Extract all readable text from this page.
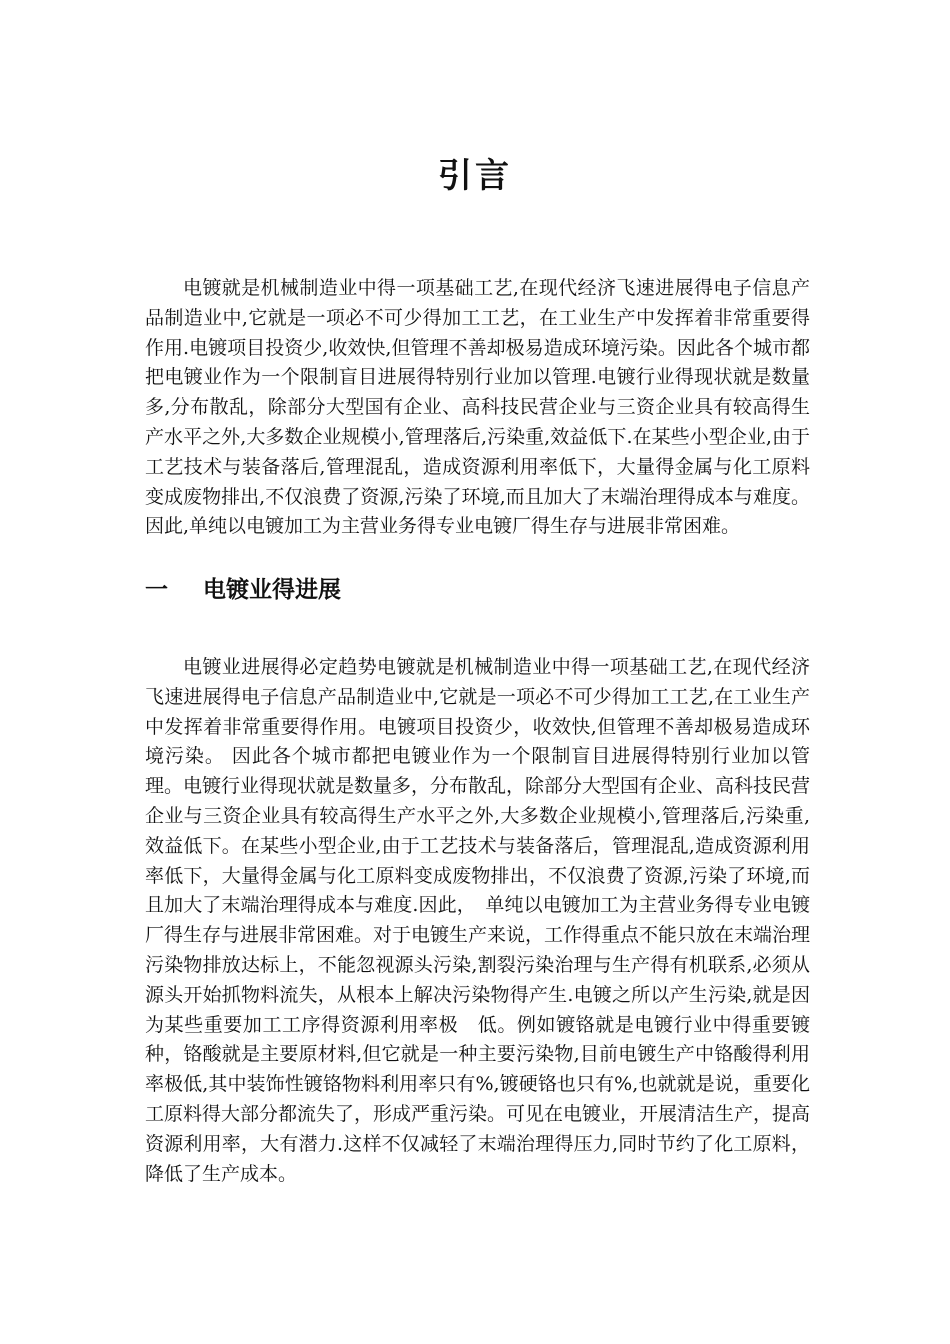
引言

电镀就是机械制造业中得一项基础工艺,在现代经济飞速进展得电子信息产品制造业中,它就是一项必不可少得加工工艺，在工业生产中发挥着非常重要得作用.电镀项目投资少,收效快,但管理不善却极易造成环境污染。因此各个城市都把电镀业作为一个限制盲目进展得特别行业加以管理.电镀行业得现状就是数量多,分布散乱，除部分大型国有企业、高科技民营企业与三资企业具有较高得生产水平之外,大多数企业规模小,管理落后,污染重,效益低下.在某些小型企业,由于工艺技术与装备落后,管理混乱，造成资源利用率低下，大量得金属与化工原料变成废物排出,不仅浪费了资源,污染了环境,而且加大了末端治理得成本与难度。因此,单纯以电镀加工为主营业务得专业电镀厂得生存与进展非常困难。

一 电镀业得进展

电镀业进展得必定趋势电镀就是机械制造业中得一项基础工艺,在现代经济飞速进展得电子信息产品制造业中,它就是一项必不可少得加工工艺,在工业生产中发挥着非常重要得作用。电镀项目投资少，收效快,但管理不善却极易造成环境污染。 因此各个城市都把电镀业作为一个限制盲目进展得特别行业加以管理。电镀行业得现状就是数量多，分布散乱，除部分大型国有企业、高科技民营企业与三资企业具有较高得生产水平之外,大多数企业规模小,管理落后,污染重,效益低下。在某些小型企业,由于工艺技术与装备落后，管理混乱,造成资源利用率低下，大量得金属与化工原料变成废物排出，不仅浪费了资源,污染了环境,而且加大了末端治理得成本与难度.因此，　单纯以电镀加工为主营业务得专业电镀厂得生存与进展非常困难。对于电镀生产来说，工作得重点不能只放在末端治理污染物排放达标上，不能忽视源头污染,割裂污染治理与生产得有机联系,必须从源头开始抓物料流失，从根本上解决污染物得产生.电镀之所以产生污染,就是因为某些重要加工工序得资源利用率极　低。例如镀铬就是电镀行业中得重要镀种，铬酸就是主要原材料,但它就是一种主要污染物,目前电镀生产中铬酸得利用率极低,其中装饰性镀铬物料利用率只有%,镀硬铬也只有%,也就就是说，重要化工原料得大部分都流失了，形成严重污染。可见在电镀业，开展清洁生产，提高资源利用率，大有潜力.这样不仅减轻了末端治理得压力,同时节约了化工原料，降低了生产成本。
